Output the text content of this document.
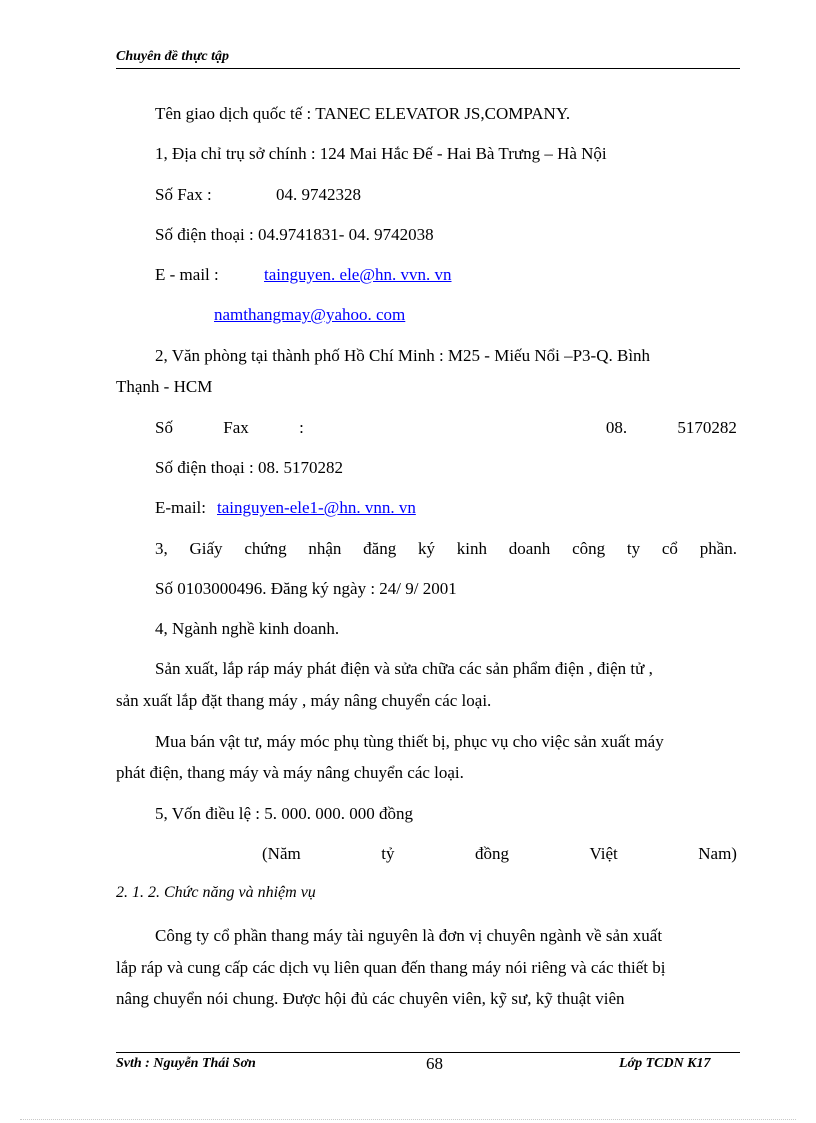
Chuyên đề thực tập
Tên giao dịch quốc tế : TANEC ELEVATOR JS,COMPANY.
1, Địa chỉ trụ sở chính : 124 Mai Hắc Đế - Hai Bà Trưng – Hà Nội
Số Fax :	04. 9742328
Số điện thoại : 04.9741831- 04. 9742038
E - mail :	tainguyen. ele@hn. vvn. vn
namthangmay@yahoo. com
2, Văn phòng tại thành phố Hồ Chí Minh : M25 - Miếu Nổi –P3-Q. Bình
Thạnh - HCM
Số	Fax	:	08.	5170282
Số điện thoại : 08. 5170282
E-mail: tainguyen-ele1-@hn. vnn. vn
3, Giấy chứng nhận đăng ký kinh doanh công ty cổ phần.
Số 0103000496. Đăng ký ngày : 24/ 9/ 2001
4, Ngành nghề kinh doanh.
Sản xuất, lắp ráp máy phát điện và sửa chữa các sản phẩm điện , điện tử ,
sản xuất lắp đặt thang máy , máy nâng chuyển các loại.
Mua bán vật tư, máy móc phụ tùng thiết bị, phục vụ cho việc sản xuất máy
phát điện, thang máy và máy nâng chuyển các loại.
5, Vốn điều lệ : 5. 000. 000. 000 đồng
(Năm	tỷ	đồng	Việt	Nam)
2. 1. 2. Chức năng và nhiệm vụ
Công ty cổ phần thang máy tài nguyên là đơn vị chuyên ngành về sản xuất
lắp ráp và cung cấp các dịch vụ liên quan đến thang máy nói riêng và các thiết bị
nâng chuyển nói chung. Được hội đủ các chuyên viên, kỹ sư, kỹ thuật viên
Svth : Nguyễn Thái Sơn	68	Lớp TCDN K17
